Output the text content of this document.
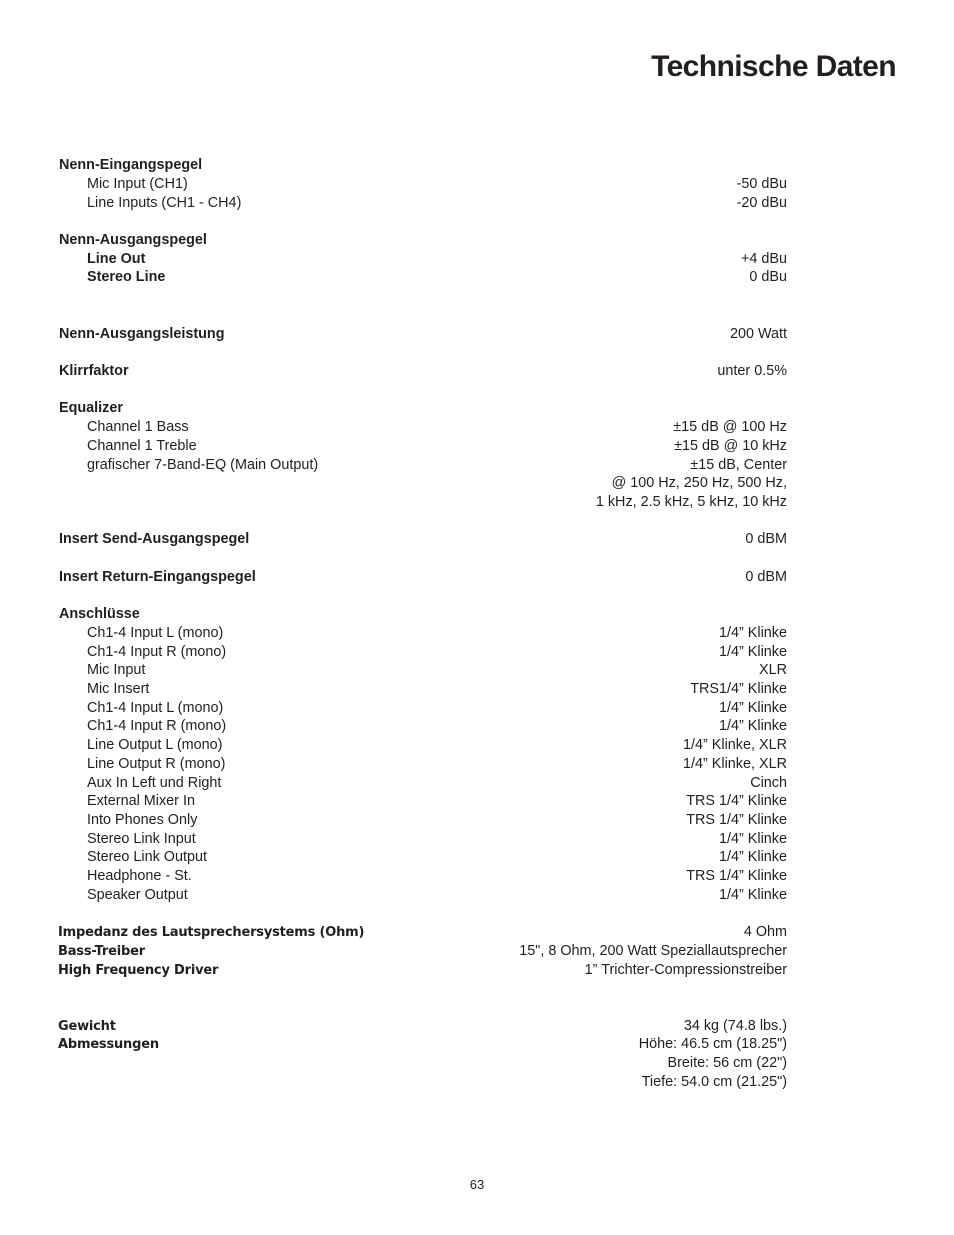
Technische Daten
Nenn-Eingangspegel
Mic Input (CH1)	-50 dBu
Line Inputs (CH1 - CH4)	-20 dBu
Nenn-Ausgangspegel
Line Out	+4 dBu
Stereo Line	0 dBu
Nenn-Ausgangsleistung	200 Watt
Klirrfaktor	unter 0.5%
Equalizer
Channel 1 Bass	±15 dB @ 100 Hz
Channel 1 Treble	±15 dB @ 10 kHz
grafischer 7-Band-EQ (Main Output)	±15 dB, Center
@ 100 Hz, 250 Hz, 500 Hz,
1 kHz, 2.5 kHz, 5 kHz, 10 kHz
Insert Send-Ausgangspegel	0 dBM
Insert Return-Eingangspegel	0 dBM
Anschlüsse
Ch1-4 Input L (mono)	1/4” Klinke
Ch1-4 Input R (mono)	1/4” Klinke
Mic Input	XLR
Mic Insert	TRS1/4” Klinke
Ch1-4 Input L (mono)	1/4” Klinke
Ch1-4 Input R (mono)	1/4” Klinke
Line Output L (mono)	1/4” Klinke, XLR
Line Output R (mono)	1/4” Klinke, XLR
Aux In Left und Right	Cinch
External Mixer In	TRS 1/4” Klinke
Into Phones Only	TRS 1/4” Klinke
Stereo Link Input	1/4” Klinke
Stereo Link Output	1/4” Klinke
Headphone - St.	TRS 1/4” Klinke
Speaker Output	1/4” Klinke
Impedanz des Lautsprechersystems (Ohm)	4 Ohm
Bass-Treiber	15", 8 Ohm, 200 Watt Speziallautsprecher
High Frequency Driver	1” Trichter-Compressionstreiber
Gewicht	34 kg (74.8 lbs.)
Abmessungen	Höhe: 46.5 cm (18.25")
Breite: 56 cm (22")
Tiefe: 54.0 cm (21.25")
63
